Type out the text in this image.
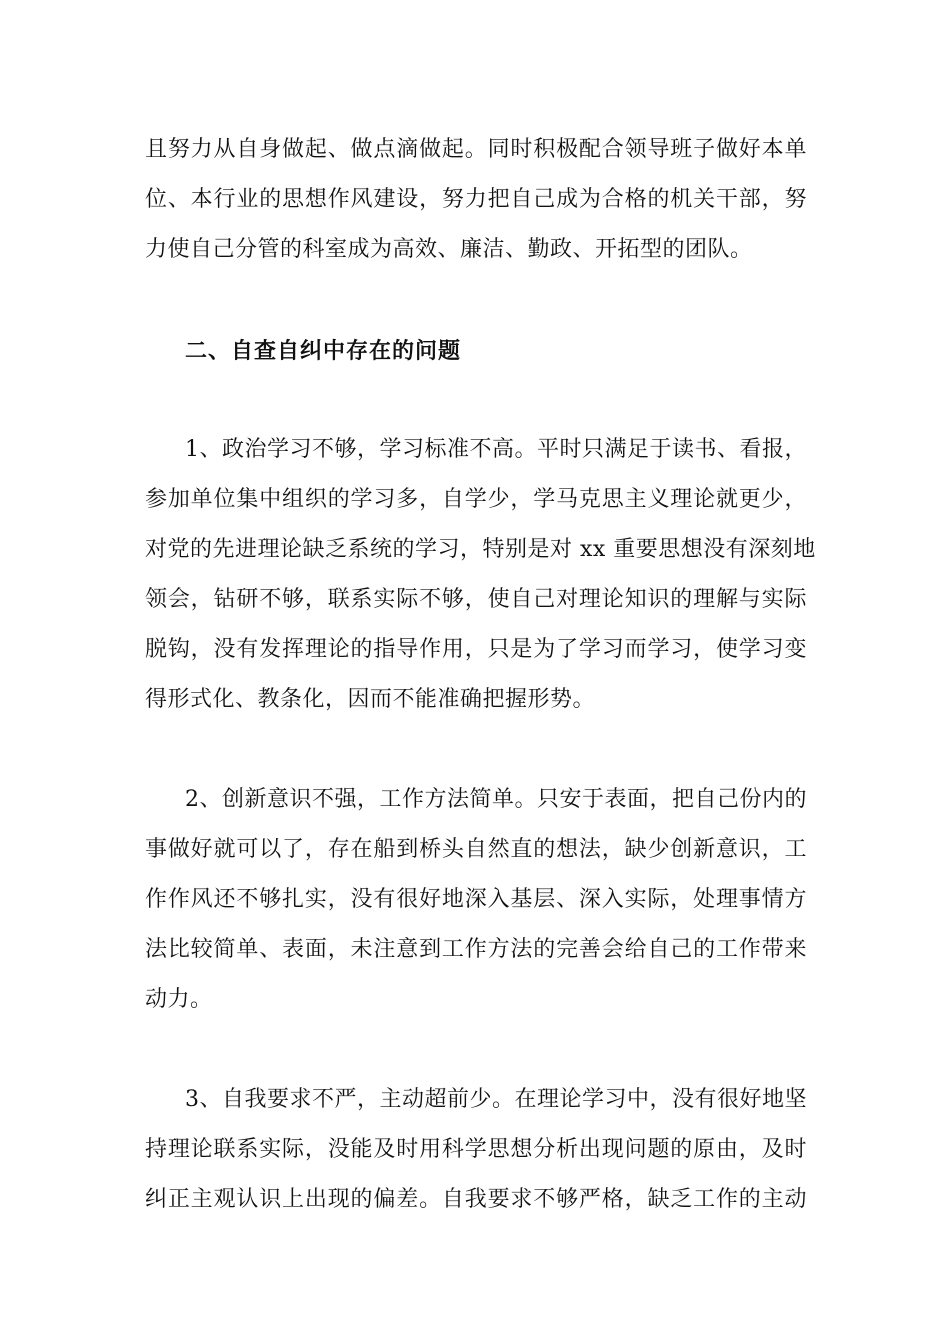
且努力从自身做起、做点滴做起。同时积极配合领导班子做好本单
位、本行业的思想作风建设，努力把自己成为合格的机关干部，努
力使自己分管的科室成为高效、廉洁、勤政、开拓型的团队。
二、自查自纠中存在的问题
1、政治学习不够，学习标准不高。平时只满足于读书、看报，
参加单位集中组织的学习多，自学少，学马克思主义理论就更少，
对党的先进理论缺乏系统的学习，特别是对 xx 重要思想没有深刻地
领会，钻研不够，联系实际不够，使自己对理论知识的理解与实际
脱钩，没有发挥理论的指导作用，只是为了学习而学习，使学习变
得形式化、教条化，因而不能准确把握形势。
2、创新意识不强，工作方法简单。只安于表面，把自己份内的
事做好就可以了，存在船到桥头自然直的想法，缺少创新意识，工
作作风还不够扎实，没有很好地深入基层、深入实际，处理事情方
法比较简单、表面，未注意到工作方法的完善会给自己的工作带来
动力。
3、自我要求不严，主动超前少。在理论学习中，没有很好地坚
持理论联系实际，没能及时用科学思想分析出现问题的原由，及时
纠正主观认识上出现的偏差。自我要求不够严格，缺乏工作的主动
